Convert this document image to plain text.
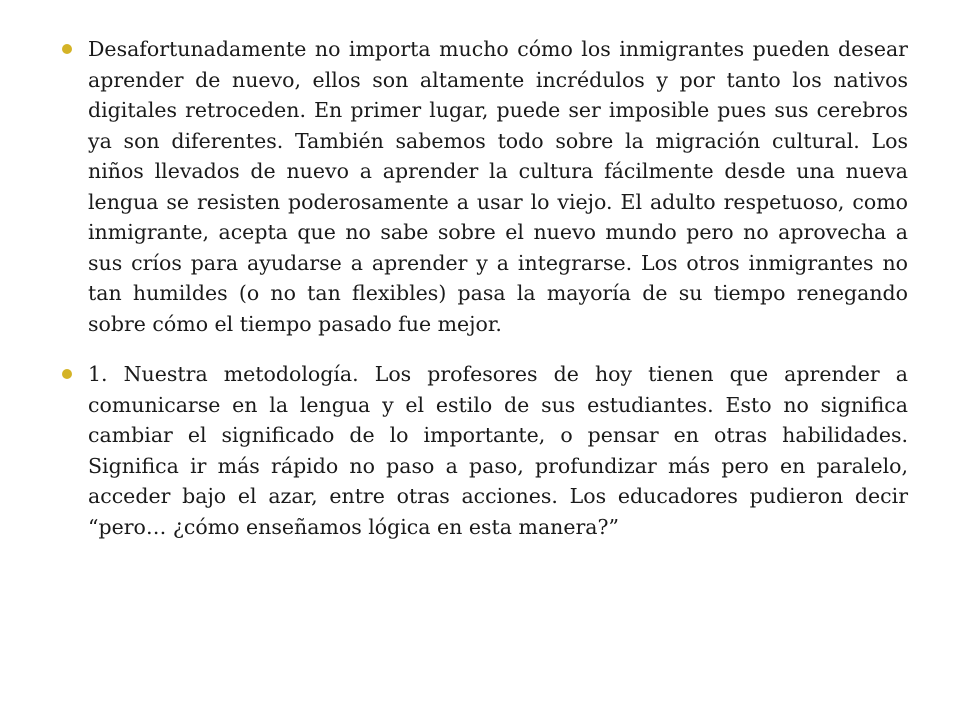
Desafortunadamente no importa mucho cómo los inmigrantes pueden desear aprender de nuevo, ellos son altamente incrédulos y por tanto los nativos digitales retroceden. En primer lugar, puede ser imposible pues sus cerebros ya son diferentes. También sabemos todo sobre la migración cultural. Los niños llevados de nuevo a aprender la cultura fácilmente desde una nueva lengua se resisten poderosamente a usar lo viejo. El adulto respetuoso, como inmigrante, acepta que no sabe sobre el nuevo mundo pero no aprovecha a sus críos para ayudarse a aprender y a integrarse. Los otros inmigrantes no tan humildes (o no tan flexibles) pasa la mayoría de su tiempo renegando sobre cómo el tiempo pasado fue mejor.
1. Nuestra metodología. Los profesores de hoy tienen que aprender a comunicarse en la lengua y el estilo de sus estudiantes. Esto no significa cambiar el significado de lo importante, o pensar en otras habilidades. Significa ir más rápido no paso a paso, profundizar más pero en paralelo, acceder bajo el azar, entre otras acciones. Los educadores pudieron decir “pero… ¿cómo enseñamos lógica en esta manera?”
